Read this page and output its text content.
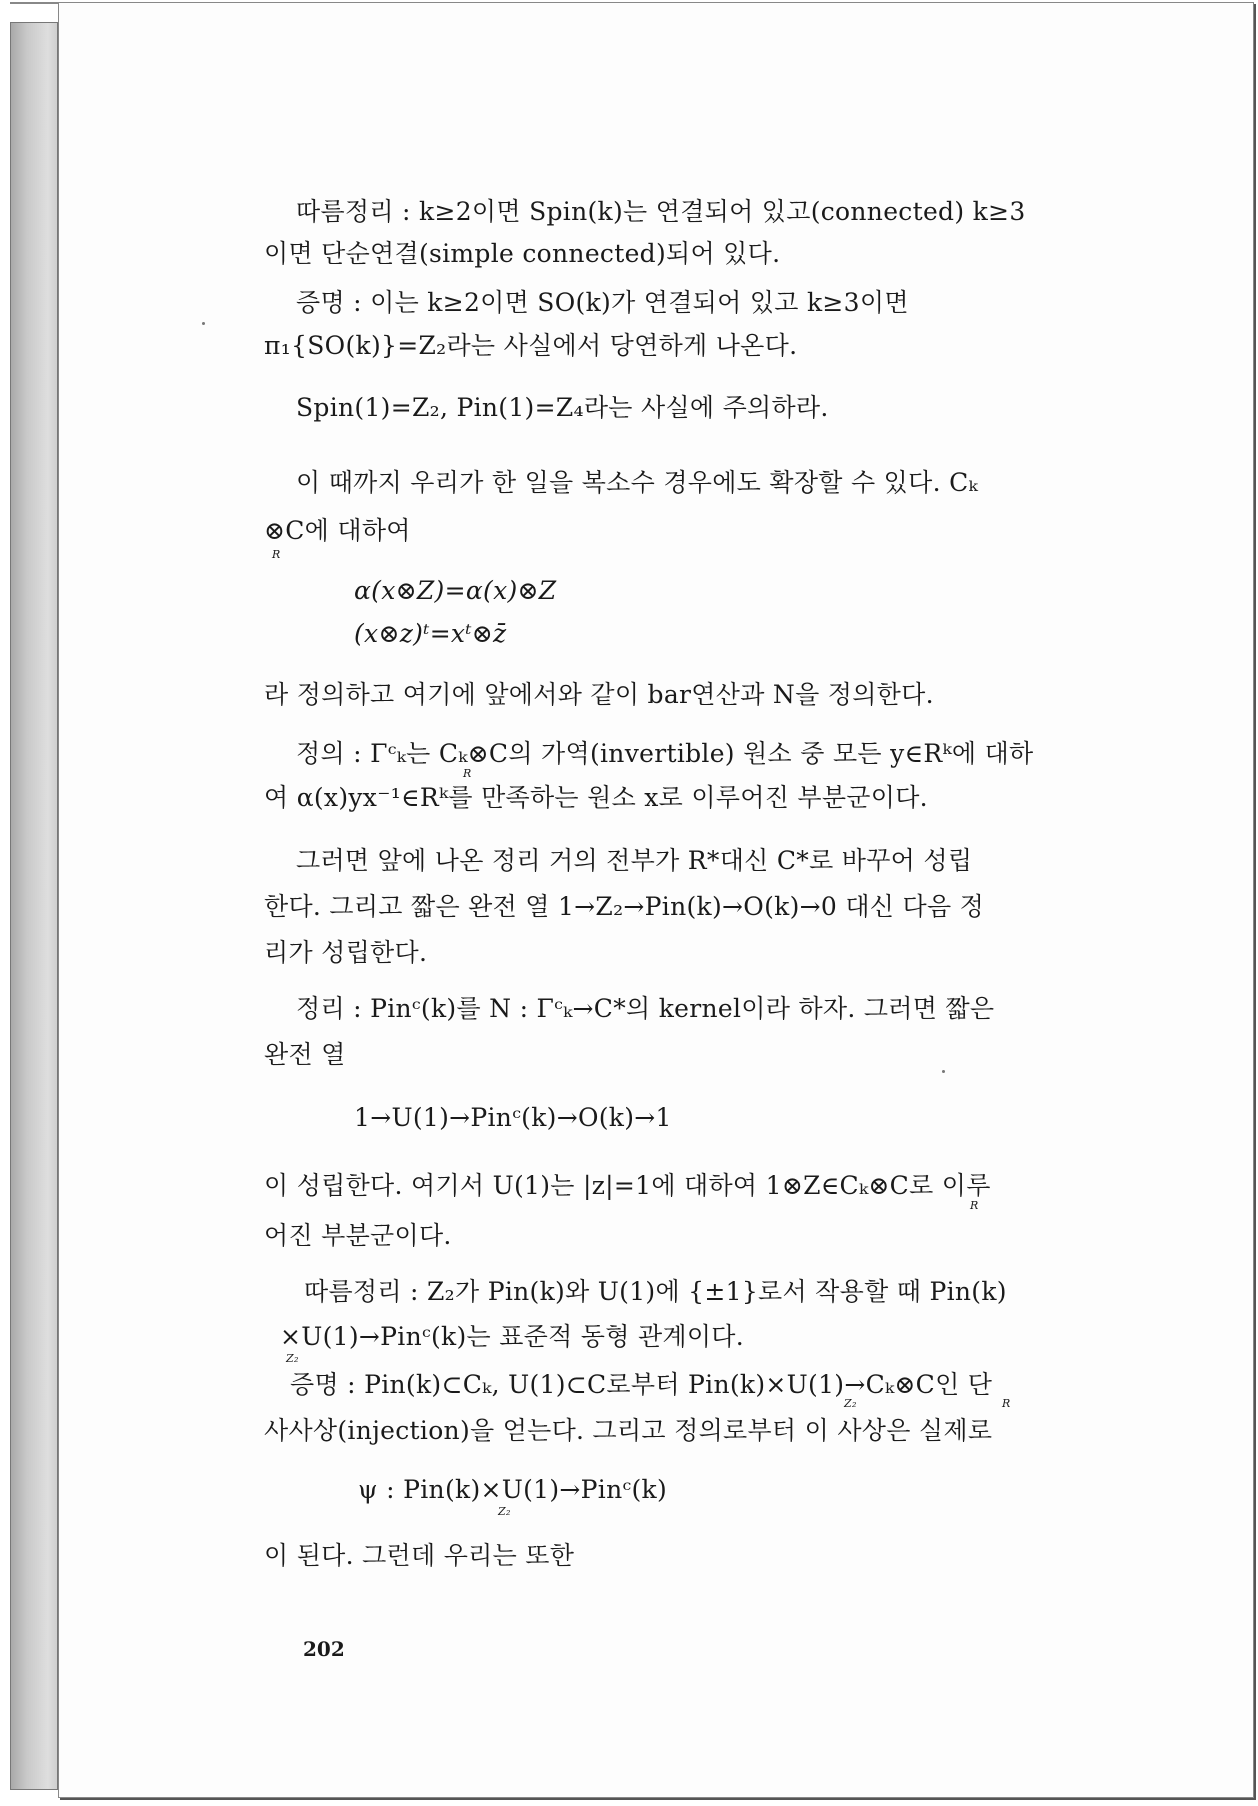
따름정리 : k≥2이면 Spin(k)는 연결되어 있고(connected) k≥3
이면 단순연결(simple connected)되어 있다.
증명 : 이는 k≥2이면 SO(k)가 연결되어 있고 k≥3이면
π₁{SO(k)}=Z₂라는 사실에서 당연하게 나온다.
Spin(1)=Z₂, Pin(1)=Z₄라는 사실에 주의하라.
이 때까지 우리가 한 일을 복소수 경우에도 확장할 수 있다. Cₖ
⊗C에 대하여
R
α(x⊗Z)=α(x)⊗Z
(x⊗z)ᵗ=xᵗ⊗z̄
라 정의하고 여기에 앞에서와 같이 bar연산과 N을 정의한다.
정의 : Γᶜₖ는 Cₖ⊗C의 가역(invertible) 원소 중 모든 y∈Rᵏ에 대하
R
여 α(x)yx⁻¹∈Rᵏ를 만족하는 원소 x로 이루어진 부분군이다.
그러면 앞에 나온 정리 거의 전부가 R*대신 C*로 바꾸어 성립
한다. 그리고 짧은 완전 열 1→Z₂→Pin(k)→O(k)→0 대신 다음 정
리가 성립한다.
정리 : Pinᶜ(k)를 N : Γᶜₖ→C*의 kernel이라 하자. 그러면 짧은
완전 열
1→U(1)→Pinᶜ(k)→O(k)→1
이 성립한다. 여기서 U(1)는 |z|=1에 대하여 1⊗Z∈Cₖ⊗C로 이루
R
어진 부분군이다.
따름정리 : Z₂가 Pin(k)와 U(1)에 {±1}로서 작용할 때 Pin(k)
×U(1)→Pinᶜ(k)는 표준적 동형 관계이다.
Z₂
증명 : Pin(k)⊂Cₖ, U(1)⊂C로부터 Pin(k)×U(1)→Cₖ⊗C인 단
Z₂	R
사사상(injection)을 얻는다. 그리고 정의로부터 이 사상은 실제로
ψ : Pin(k)×U(1)→Pinᶜ(k)
Z₂
이 된다. 그런데 우리는 또한
202
